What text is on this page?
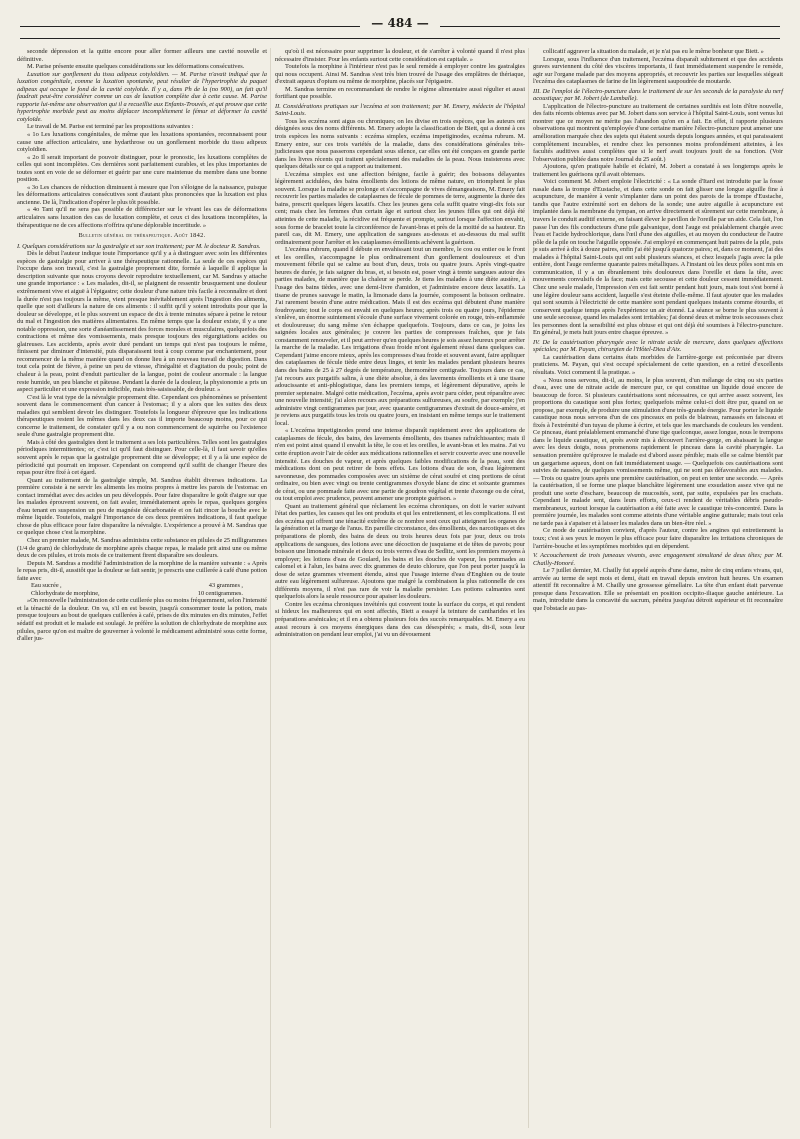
— 484 —

seconde dépression et la quitte encore pour aller former ailleurs une cavité nouvelle et définitive.

M. Parise présente ensuite quelques considérations sur les déformations consécutives.

Luxation sur gonflement du tissu adipeux cotyloïdien. — M. Parise n'avait indiqué que la luxation congénitale, comme la luxation spontanée, peut résulter de l'hypertrophie du paquet adipeux qui occupe le fond de la cavité cotyloïde. Il y a, dans Ph de la (no 900), un fait qu'il faudrait peut-être considérer comme un cas de luxation complète due à cette cause. M. Parise rapporte lui-même une observation qui il a recueillie aux Enfants-Trouvés, et qui prouve que cette hypertrophie morbide peut au moins déplacer incomplétement le fémur et déformer la cavité cotyloïde.

Le travail de M. Parise est terminé par les propositions suivantes :

« 1o Les luxations congénitales, de même que les luxations spontanées, reconnaissent pour cause une affection articulaire, une hydarthrose ou un gonflement morbide du tissu adipeux cotyloïdien.

« 2o Il serait important de pouvoir distinguer, pour le pronostic, les luxations complètes de celles qui sont incomplètes. Ces dernières sont parfaitement curables, et les plus importantes de toutes sont en voie de se déformer et guérir par une cure maintenue du membre dans une bonne position.

« 3o Les chances de réduction diminuent à mesure que l'on s'éloigne de la naissance, puisque les déformations articulaires consécutives sont d'autant plus prononcées que la luxation est plus ancienne. De là, l'indication d'opérer le plus tôt possible.

« 4o Tant qu'il ne sera pas possible de différencier sur le vivant les cas de déformations articulaires sans luxation des cas de luxation complète, et ceux ci des luxations incomplètes, la thérapeutique ne de ces affections n'offrira qu'une déplorable incertitude. »

Bulletin général de thérapeutique. Août 1842.

I. Quelques considérations sur la gastralgie et sur son traitement; par M. le docteur R. Sandras.

Dès le début l'auteur indique toute l'importance qu'il y a à distinguer avec soin les différentes espèces de gastralgie pour arriver à une thérapeutique rationnelle. La seule de ces espèces qui l'occupe dans son travail, c'est la gastralgie proprement dite, formée à laquelle il applique la description suivante que nous croyons devoir reproduire textuellement, car M. Sandras y attache une grande importance : « Les malades, dit-il, se plaignent de ressentir brusquement une douleur extrêmement vive et aiguë à l'épigastre; cette douleur d'une nature très facile à reconnaître et dont la durée n'est pas toujours la même, vient presque inévitablement après l'ingestion des aliments, quelle que soit d'ailleurs la nature de ces aliments : il suffit qu'il y soient introduits pour que la douleur se développe, et le plus souvent un espace de dix à trente minutes sépare à peine le retour du mal et l'ingestion des matières alimentaires. En même temps que la douleur existe, il y a une notable oppression, une sorte d'anéantissement des forces morales et musculaires, quelquefois des contractions et même des vomissements, mais presque toujours des régurgitations acides ou glaireuses. Les accidents, après avoir duré pendant un temps qui n'est pas toujours le même, finissent par diminuer d'intensité, puis disparaissent tout à coup comme par enchantement, pour recommencer de la même manière quand on donne lieu à un nouveau travail de digestion. Dans tout cela point de fièvre, à peine un peu de vitesse, d'inégalité et d'agitation du pouls; point de chaleur à la peau, point d'enduit particulier de la langue, point de couleur anormale : la langue reste humide, un peu blanche et pâteuse. Pendant la durée de la douleur, la physionomie a pris un aspect particulier et une expression indicible, mais très-saisissable, de douleur. »

C'est là le vrai type de la névralgie proprement dite. Cependant ces phénomènes se présentent souvent dans le commencement d'un cancer à l'estomac; il y a alors que les suites des deux maladies qui semblent devoir les distinguer. Toutefois la longueur d'épreuve que les indications thérapeutiques restent les mêmes dans les deux cas il importe beaucoup moins, pour ce qui concerne le traitement, de constater qu'il y a ou non commencement de squirrhe ou l'existence seule d'une gastralgie proprement dite.

Mais à côté des gastralgies dont le traitement a ses lois particulières. Telles sont les gastralgies périodiques intermittentes; or, c'est ici qu'il faut distinguer. Pour celle-là, il faut savoir qu'elles souvent après le repas que la gastralgie proprement dite se développe; et il y a là une espèce de périodicité qui pourrait en imposer. Cependant on comprend qu'il suffit de changer l'heure des repas pour être fixé à cet égard.

Quant au traitement de la gastralgie simple, M. Sandras établit diverses indications. La première consiste à ne servir les aliments les moins propres à mettre les parois de l'estomac en contact immédiat avec des acides un peu développés. Pour faire disparaître le goût d'aigre sur que les malades éprouvent souvent, on fait avaler, immédiatement après le repas, quelques gorgées d'eau tenant en suspension un peu de magnésie décarbonatée et on fait rincer la bouche avec le même liquide. Toutefois, malgré l'importance de ces deux premières indications, il faut quelque chose de plus efficace pour faire disparaître la névralgie. L'expérience a prouvé à M. Sandras que ce quelque chose c'est la morphine.

Chez un premier malade, M. Sandras administra cette substance en pilules de 25 milligrammes (1/4 de gram) de chlorhydrate de morphine après chaque repas, le malade prit ainsi une ou même deux de ces pilules, et trois mois de ce traitement firent disparaître ses douleurs.

Depuis M. Sandras a modifié l'administration de la morphine de la manière suivante : « Après le repas pris, dit-il, aussitôt que la douleur se fait sentir, je prescris une cuillerée à café d'une potion faite avec

Eau sucrée ,	43 grammes ,
Chlorhydrate de morphine,	10 centigrammes.

»On renouvelle l'administration de cette cuillerée plus ou moins fréquemment, selon l'intensité et la ténacité de la douleur. On va, s'il en est besoin, jusqu'à consommer toute la potion, mais presque toujours au bout de quelques cuillerées à café, prises de dix minutes en dix minutes, l'effet sédatif est produit et le malade est soulagé. Je préfère la solution de chlorhydrate de morphine aux pilules, parce qu'on est maître de gouverner à volonté le médicament administré sous cette forme, d'aller jus-

qu'où il est nécessaire pour supprimer la douleur, et de s'arrêter à volonté quand il n'est plus nécessaire d'insister. Pour les enfants surtout cette considération est capitale. »

Toutefois la morphine à l'intérieur n'est pas le seul remède à employer contre les gastralgies qui nous occupent. Ainsi M. Sandras s'est très bien trouvé de l'usage des emplâtres de thériaque, d'extrait aqueux d'opium ou même de morphine, placés sur l'épigastre.

M. Sandras termine en recommandant de rendre le régime alimentaire aussi régulier et aussi fortifiant que possible.

II. Considérations pratiques sur l'eczéma et son traitement; par M. Emery, médecin de l'hôpital Saint-Louis.

Tous les eczéma sont aigus ou chroniques; on les divise en trois espèces, que les auteurs ont désignées sous des noms différents. M. Emery adopte la classification de Biett, qui a donné à ces trois espèces les noms suivants : eczéma simplex, eczéma impetiginodes, eczéma rubrum. M. Emery entre, sur ces trois variétés de la maladie, dans des considérations générales très-judicieuses que nous passerons cependant sous silence, car elles ont été conçues en grande partie dans les livres récents qui traitent spécialement des maladies de la peau. Nous insisterons avec quelques détails sur ce qui a rapport au traitement.

L'eczéma simplex est une affection bénigne, facile à guérir; des boissons délayantes légèrement acidulées, des bains émollients des lotions de même nature, en triomphent le plus souvent. Lorsque la maladie se prolonge et s'accompagne de vives démangeaisons, M. Emery fait recouvrir les parties malades de cataplasmes de fécule de pommes de terre, augmente la durée des bains, prescrit quelques légers laxatifs. Chez les jeunes gens cela suffit quatre vingt-dix fois sur cent; mais chez les femmes d'un certain âge et surtout chez les jeunes filles qui ont déjà été atteintes de cette maladie, la récidive est fréquente et prompte, surtout lorsque l'affection envahit, sous forme de bracelet toute la circonférence de l'avant-bras et près de la moitié de sa hauteur. En pareil cas, dit M. Emery, une application de sangsues au-dessus et au-dessous du mal suffit ordinairement pour l'arrêter et les cataplasmes émollients achèvent la guérison.

L'eczéma rubrum, quand il débute en envahissant tout un membre, le cou ou entier ou le front et les oreilles, s'accompagne le plus ordinairement d'un gonflement douloureux et d'un mouvement fébrile qui se calme au bout d'un, deux, trois ou quatre jours. Après vingt-quatre heures de durée, je fais saigner du bras, et, si besoin est, poser vingt à trente sangsues autour des parties malades, de manière que la chaleur se perde. Je tiens les malades à une diète austère, à l'usage des bains tièdes, avec une demi-livre d'amidon, et j'administre encore deux laxatifs. La tisane de prunes sauvage le matin, la limonade dans la journée, composent la boisson ordinaire. J'ai rarement besoin d'une autre médication. Mais il est des eczéma qui débutent d'une manière foudroyante; tout le corps est envahi en quelques heures; après trois ou quatre jours, l'épiderme s'enlève, un énorme suintement s'écoule d'une surface vivement colorée en rouge, très-enflammée et douloureuse; du sang même s'en échappe quelquefois. Toujours, dans ce cas, je joins les saignées locales aux générales; je couvre les parties de compresses fraîches, que je fais constamment renouveler, et il peut arriver qu'en quelques heures je sois assez heureux pour arrêter la marche de la maladie. Les irrigations d'eau froide m'ont également réussi dans quelques cas. Cependant j'aime encore mieux, après les compresses d'eau froide et souvent avant, faire appliquer des cataplasmes de fécule tiède entre deux linges, et tenir les malades pendant plusieurs heures dans des bains de 25 à 27 degrés de température, thermomètre centigrade. Toujours dans ce cas, j'ai recours aux purgatifs salins, à une diète absolue, à des lavements émollients et à une tisane adoucissante et anti-phlogistique, dans les premiers temps, et légèrement dépurative, après le premier septenaire. Malgré cette médication, l'eczéma, après avoir paru céder, peut réparaître avec une nouvelle intensité; j'ai alors recours aux préparations sulfureuses, au soufre, par exemple; j'en administre vingt centigrammes par jour, avec quarante centigrammes d'extrait de douce-amère, et je reviens aux purgatifs tous les trois ou quatre jours, en insistant en même temps sur le traitement local.

« L'eczéma impetiginodes prend une intense disparaît rapidement avec des applications de cataplasmes de fécule, des bains, des lavements émollients, des tisanes rafraîchissantes; mais il n'en est point ainsi quand il envahit la tête, le cou et les oreilles, le avant-bras et les mains. J'ai vu cette éruption avoir l'air de céder aux médications rationnelles et servir couverte avec une nouvelle intensité. Les douches de vapeur, et après quelques faibles modifications de la peau, sont des médications dont on peut retirer de bons effets. Les lotions d'eau de son, d'eau légèrement savonneuse, des pommades composées avec un sixième de cérat soufré et cinq portions de cérat ordinaire, ou bien avec vingt ou trente centigrammes d'oxyde blanc de zinc et soixante grammes de cérat, ou une pommade faite avec une partie de goudron végétal et trente d'axonge ou de cérat, ou tout emploi avec prudence, peuvent amener une prompte guérison. »

Quant au traitement général que réclament les eczéma chroniques, on doit le varier suivant l'état des parties, les causes qui les ont produits et qui les entretiennent, et les complications. Il est des eczéma qui offrent une ténacité extrême de ce nombre sont ceux qui atteignent les organes de la génération et la marge de l'anus. En pareille circonstance, des émollients, des narcotiques et des préparations de plomb, des bains de deux ou trois heures deux fois par jour, deux ou trois applications de sangsues, des lotions avec une décoction de jusquiame et de têtes de pavots; pour boisson une limonade minérale et deux ou trois verres d'eau de Sedlitz, sont les premiers moyens à employer; les lotions d'eau de Goulard, les bains et les douches de vapeur, les pommades au calomel et à l'alun, les bains avec dix grammes de deuto chlorure, que l'on peut porter jusqu'à la dose de seize grammes vivement étendu, ainsi que l'usage interne d'eau d'Enghien ou de toute autre eau légèrement sulfureuse. Ajoutons que malgré la combinaison la plus rationnelle de ces différents moyens, il n'est pas rare de voir la maladie persister. Les potions calmantes sont quelquefois alors la seule ressource pour apaiser les douleurs.

Contre les eczéma chroniques invétérés qui couvrent toute la surface du corps, et qui rendent si hideux les malheureux qui en sont affectés, Biett a essayé la teinture de cantharides et les préparations arsénicales; et il en a obtenu plusieurs fois des succès remarquables. M. Emery a eu aussi recours à ces moyens énergiques dans des cas désespérés; « mais, dit-il, sous leur administration on pendant leur emploi, j'ai vu un dévouement

collicatif aggraver la situation du malade, et je n'ai pas eu le même bonheur que Biett. »

Lorsque, sous l'influence d'un traitement, l'eczéma disparaît subitement et que des accidents graves surviennent du côté des viscères importants, il faut immédiatement suspendre le remède, agir sur l'organe malade par des moyens appropriés, et recouvrir les parties sur lesquelles siégeait l'eczéma des cataplasmes de farine de lin légèrement saupoudrée de moutarde.

III. De l'emploi de l'électro-puncture dans le traitement de sur les seconds de la paralysie du nerf acoustique; par M. Jobert (de Lamballe).

L'application de l'électro-puncture au traitement de certaines surdités est loin d'être nouvelle, des faits récents obtenus avec par M. Jobert dans son service à l'hôpital Saint-Louis, sont venus lui montrer que ce moyen ne mérite pas l'abandon qu'on en a fait. En effet, il rapporte plusieurs observations qui montrent qu'employée d'une certaine manière l'électro-puncture peut amener une amélioration marquée chez des sujets qui étaient sourds depuis longues années, et qui paraissaient complètement incurables, et rendre chez les personnes moins profondément atteintes, à les facultés auditives aussi complètes que si le nerf avait toujours jouit de sa fonction. (Voir l'observation publiée dans notre Journal du 25 août.)

Ajoutons, qu'en pratiquée habile et éclairé, M. Jobert a constaté à ses longtemps après le traitement les guérisons qu'il avait obtenues.

Voici comment M. Jobert emploie l'électricité : « La sonde d'Itard est introduite par la fosse nasale dans la trompe d'Eustache, et dans cette sonde on fait glisser une longue aiguille fine à acupuncture, de manière à venir s'implanter dans un point des parois de la trompe d'Eustache, tandis que l'autre extrémité sort en dehors de la sonde; une autre aiguille à acupuncture est implantée dans la membrane du tympan, on arrive directement et sûrement sur cette membrane, à travers le conduit auditif externe, en faisant élever le pavillon de l'oreille par un aide. Cela fait, l'on passe l'un des fils conducteurs d'une pile galvanique, dont l'auge est préalablement chargée avec l'eau et l'acide hydrochlorique, dans l'œil d'une des aiguilles, et au moyen du conducteur de l'autre pôle de la pile on touche l'aiguille opposée. J'ai employé en commençant huit paires de la pile, puis je suis arrivé à dix à douze paires, enfin j'ai été jusqu'à quatorze paires; et, dans ce moment, j'ai des malades à l'hôpital Saint-Louis qui ont subi plusieurs séances, et chez lesquels j'agis avec la pile entière, dont l'auge renferme quarante paires métalliques. A l'instant où les deux pôles sont mis en communication, il y a un ébranlement très douloureux dans l'oreille et dans la tête, avec mouvements convulsifs de la face; mais cette secousse et cette douleur cessent immédiatement. Chez une seule malade, l'impression s'en est fait sentir pendant huit jours, mais tout s'est borné à une légère douleur sans accident, laquelle s'est éteinte d'elle-même. Il faut ajouter que les malades qui sont soumis à l'électricité de cette manière sont pendant quelques instants comme étourdis, et conservent quelque temps après l'expérience un air étonné. La séance se borne le plus souvent à une seule secousse, quand les malades sont irritables; j'ai donné deux et même trois secousses chez les personnes dont la sensibilité est plus obtuse et qui ont déjà été soumises à l'électro-puncture. En général, je mets huit jours entre chaque épreuve. »

IV. De la cautérisation pharyngée avec le nitrate acide de mercure, dans quelques affections spéciales; par M. Payan, chirurgien de l'Hôtel-Dieu d'Aix.

La cautérisation dans certains états morbides de l'arrière-gorge est préconisée par divers praticiens. M. Payan, qui s'est occupé spécialement de cette question, en a retiré d'excellents résultats. Voici comment il la pratique. »

« Nous nous servons, dit-il, au moins, le plus souvent, d'un mélange de cinq ou six parties d'eau, avec une de nitrate acide de mercure pur, ce qui constitue un liquide doué encore de beaucoup de force. Si plusieurs cautérisations sont nécessaires, ce qui arrive assez souvent, les proportions du caustique sont plus fortes; quelquefois même celui-ci doit être pur, quand on se propose, par exemple, de produire une stimulation d'une très-grande énergie. Pour porter le liquide caustique nous nous servons d'un de ces pinceaux en poils de blaireau, ramassés en faisceau et fixés à l'extrémité d'un tuyau de plume à écrire, et tels que les marchands de couleurs les vendent. Ce pinceau, étant préalablement emmanché d'une tige quelconque, assez longue, nous le trempons dans le liquide caustique, et, après avoir mis à découvert l'arrière-gorge, en abaissant la langue avec les deux doigts, nous promenons rapidement le pinceau dans la cavité pharyngée. La sensation première qu'éprouve le malade est d'abord assez pénible; mais elle se calme bientôt par un gargarisme aqueux, dont on fait immédiatement usage. — Quelquefois ces cautérisations sont suivies de nausées, de quelques vomissements même, qui ne sont pas défavorables aux malades. — Trois ou quatre jours après une première cautérisation, on peut en tenter une seconde. — Après la cautérisation, il se forme une plaque blanchâtre légèrement une exsudation assez vive qui ne produit une sorte d'eschare, beaucoup de mucosités, sont, par suite, expulsées par les crachats. Cependant le malade sent, dans leurs efforts, ceux-ci rendent de véritables débris pseudo-membraneux, surtout lorsque la cautérisation a été faite avec le caustique très-concentré. Dans la première journée, les malades sont comme atteints d'une véritable angine gutturale; mais tout cela ne tarde pas à s'apaiser et à laisser les malades dans un bien-être réel. »

Ce mode de cautérisation convient, d'après l'auteur, contre les angines qui entretiennent la toux; c'est à ses yeux le moyen le plus efficace pour faire disparaître les irritations chroniques de l'arrière-bouche et les symptômes morbides qui en dépendent.

V. Accouchement de trois jumeaux vivants, avec engagement simultané de deux têtes; par M. Chailly-Honoré.

Le 7 juillet dernier, M. Chailly fut appelé auprès d'une dame, mère de cinq enfans vivans, qui, arrivée au terme de sept mois et demi, était en travail depuis environ huit heures. Un examen attentif fit reconnaître à M. Chailly une grossesse gémellaire. La tête d'un enfant était parvenue presque dans l'excavation. Elle se présentait en position occipito-iliaque gauche antérieure. La main, introduite dans la concavité du sacrum, pénétra jusqu'au détroit supérieur et fit reconnaître que l'obstacle au pas-
